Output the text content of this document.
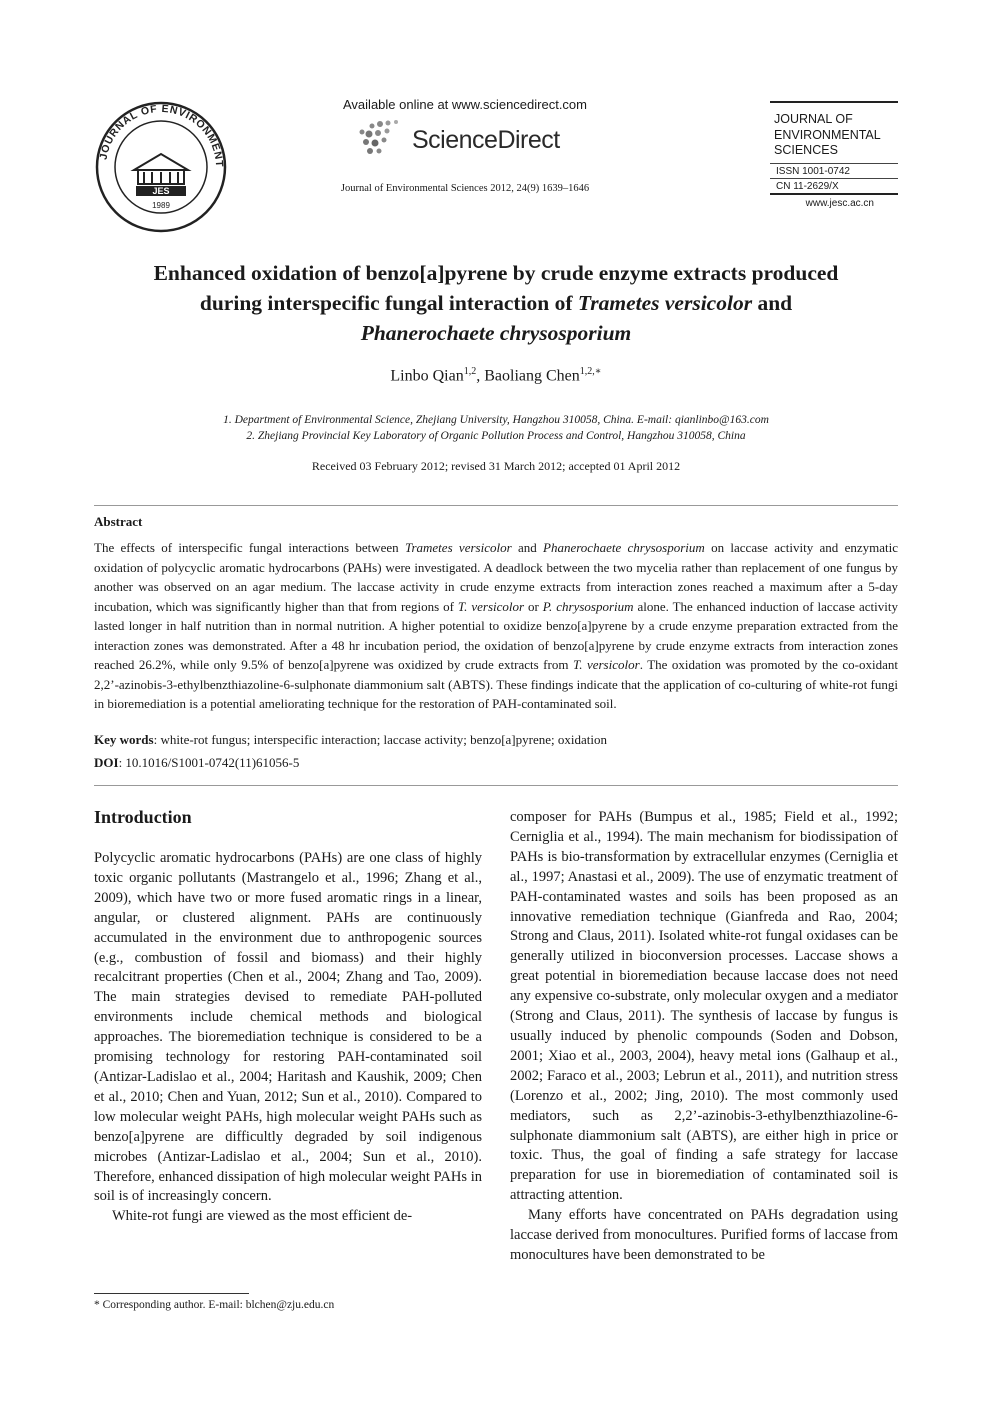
JOURNAL OF ENVIRONMENT
JES
1989
Available online at www.sciencedirect.com
ScienceDirect
Journal of Environmental Sciences 2012, 24(9) 1639–1646
JOURNAL OF
ENVIRONMENTAL
SCIENCES
ISSN 1001-0742
CN 11-2629/X
www.jesc.ac.cn
Enhanced oxidation of benzo[a]pyrene by crude enzyme extracts produced
during interspecific fungal interaction of Trametes versicolor and
Phanerochaete chrysosporium
Linbo Qian$^{1,2}$, Baoliang Chen$^{1,2,∗}$
1. Department of Environmental Science, Zhejiang University, Hangzhou 310058, China. E-mail: qianlinbo@163.com
2. Zhejiang Provincial Key Laboratory of Organic Pollution Process and Control, Hangzhou 310058, China
Received 03 February 2012; revised 31 March 2012; accepted 01 April 2012
Abstract
The effects of interspecific fungal interactions between Trametes versicolor and Phanerochaete chrysosporium on laccase activity and enzymatic oxidation of polycyclic aromatic hydrocarbons (PAHs) were investigated. A deadlock between the two mycelia rather than replacement of one fungus by another was observed on an agar medium. The laccase activity in crude enzyme extracts from interaction zones reached a maximum after a 5-day incubation, which was significantly higher than that from regions of T. versicolor or P. chrysosporium alone. The enhanced induction of laccase activity lasted longer in half nutrition than in normal nutrition. A higher potential to oxidize benzo[a]pyrene by a crude enzyme preparation extracted from the interaction zones was demonstrated. After a 48 hr incubation period, the oxidation of benzo[a]pyrene by crude enzyme extracts from interaction zones reached 26.2%, while only 9.5% of benzo[a]pyrene was oxidized by crude extracts from T. versicolor. The oxidation was promoted by the co-oxidant 2,2’-azinobis-3-ethylbenzthiazoline-6-sulphonate diammonium salt (ABTS). These findings indicate that the application of co-culturing of white-rot fungi in bioremediation is a potential ameliorating technique for the restoration of PAH-contaminated soil.
Key words: white-rot fungus; interspecific interaction; laccase activity; benzo[a]pyrene; oxidation
DOI: 10.1016/S1001-0742(11)61056-5
Introduction

Polycyclic aromatic hydrocarbons (PAHs) are one class of highly toxic organic pollutants (Mastrangelo et al., 1996; Zhang et al., 2009), which have two or more fused aromatic rings in a linear, angular, or clustered alignment. PAHs are continuously accumulated in the environment due to anthropogenic sources (e.g., combustion of fossil and biomass) and their highly recalcitrant properties (Chen et al., 2004; Zhang and Tao, 2009). The main strategies devised to remediate PAH-polluted environments include chemical methods and biological approaches. The bioremediation technique is considered to be a promising technology for restoring PAH-contaminated soil (Antizar-Ladislao et al., 2004; Haritash and Kaushik, 2009; Chen et al., 2010; Chen and Yuan, 2012; Sun et al., 2010). Compared to low molecular weight PAHs, high molecular weight PAHs such as benzo[a]pyrene are difficultly degraded by soil indigenous microbes (Antizar-Ladislao et al., 2004; Sun et al., 2010). Therefore, enhanced dissipation of high molecular weight PAHs in soil is of increasingly concern.

White-rot fungi are viewed as the most efficient de-

composer for PAHs (Bumpus et al., 1985; Field et al., 1992; Cerniglia et al., 1994). The main mechanism for biodissipation of PAHs is bio-transformation by extracellular enzymes (Cerniglia et al., 1997; Anastasi et al., 2009). The use of enzymatic treatment of PAH-contaminated wastes and soils has been proposed as an innovative remediation technique (Gianfreda and Rao, 2004; Strong and Claus, 2011). Isolated white-rot fungal oxidases can be generally utilized in bioconversion processes. Laccase shows a great potential in bioremediation because laccase does not need any expensive co-substrate, only molecular oxygen and a mediator (Strong and Claus, 2011). The synthesis of laccase by fungus is usually induced by phenolic compounds (Soden and Dobson, 2001; Xiao et al., 2003, 2004), heavy metal ions (Galhaup et al., 2002; Faraco et al., 2003; Lebrun et al., 2011), and nutrition stress (Lorenzo et al., 2002; Jing, 2010). The most commonly used mediators, such as 2,2’-azinobis-3-ethylbenzthiazoline-6-sulphonate diammonium salt (ABTS), are either high in price or toxic. Thus, the goal of finding a safe strategy for laccase preparation for use in bioremediation of contaminated soil is attracting attention.

Many efforts have concentrated on PAHs degradation using laccase derived from monocultures. Purified forms of laccase from monocultures have been demonstrated to be

* Corresponding author. E-mail: blchen@zju.edu.cn
